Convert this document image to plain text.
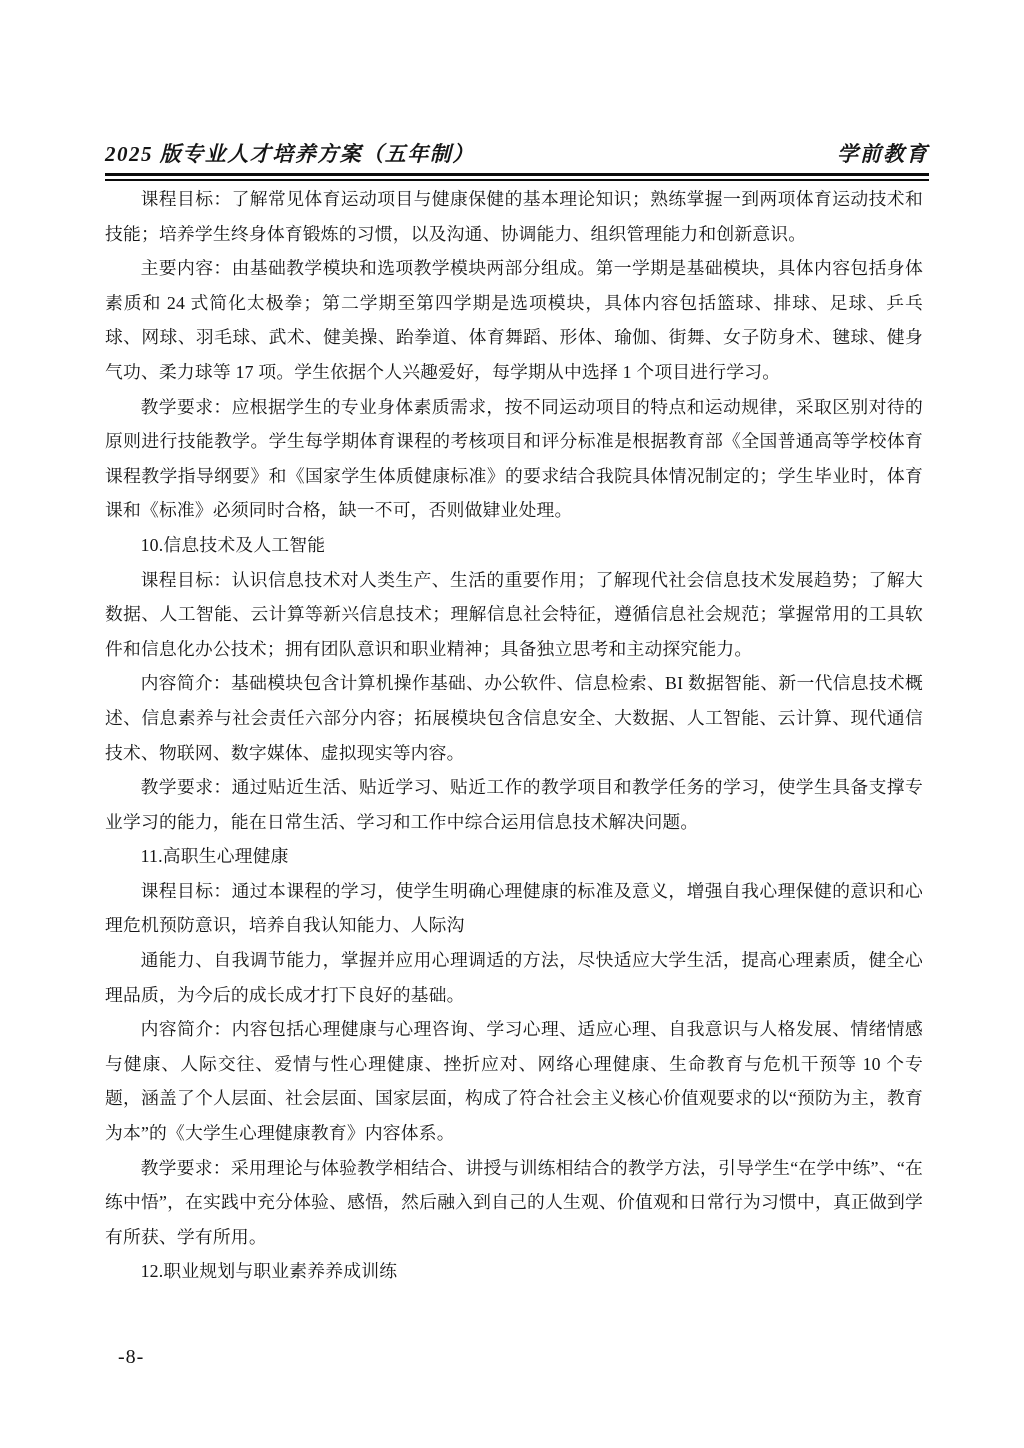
2025 版专业人才培养方案（五年制）	学前教育

课程目标：了解常见体育运动项目与健康保健的基本理论知识；熟练掌握一到两项体育运动技术和技能；培养学生终身体育锻炼的习惯，以及沟通、协调能力、组织管理能力和创新意识。

主要内容：由基础教学模块和选项教学模块两部分组成。第一学期是基础模块，具体内容包括身体素质和 24 式简化太极拳；第二学期至第四学期是选项模块，具体内容包括篮球、排球、足球、乒乓球、网球、羽毛球、武术、健美操、跆拳道、体育舞蹈、形体、瑜伽、街舞、女子防身术、毽球、健身气功、柔力球等 17 项。学生依据个人兴趣爱好，每学期从中选择 1 个项目进行学习。

教学要求：应根据学生的专业身体素质需求，按不同运动项目的特点和运动规律，采取区别对待的原则进行技能教学。学生每学期体育课程的考核项目和评分标准是根据教育部《全国普通高等学校体育课程教学指导纲要》和《国家学生体质健康标准》的要求结合我院具体情况制定的；学生毕业时，体育课和《标准》必须同时合格，缺一不可，否则做肄业处理。

10.信息技术及人工智能

课程目标：认识信息技术对人类生产、生活的重要作用；了解现代社会信息技术发展趋势；了解大数据、人工智能、云计算等新兴信息技术；理解信息社会特征，遵循信息社会规范；掌握常用的工具软件和信息化办公技术；拥有团队意识和职业精神；具备独立思考和主动探究能力。

内容简介：基础模块包含计算机操作基础、办公软件、信息检索、BI 数据智能、新一代信息技术概述、信息素养与社会责任六部分内容；拓展模块包含信息安全、大数据、人工智能、云计算、现代通信技术、物联网、数字媒体、虚拟现实等内容。

教学要求：通过贴近生活、贴近学习、贴近工作的教学项目和教学任务的学习，使学生具备支撑专业学习的能力，能在日常生活、学习和工作中综合运用信息技术解决问题。

11.高职生心理健康

课程目标：通过本课程的学习，使学生明确心理健康的标准及意义，增强自我心理保健的意识和心理危机预防意识，培养自我认知能力、人际沟

通能力、自我调节能力，掌握并应用心理调适的方法，尽快适应大学生活，提高心理素质，健全心理品质，为今后的成长成才打下良好的基础。

内容简介：内容包括心理健康与心理咨询、学习心理、适应心理、自我意识与人格发展、情绪情感与健康、人际交往、爱情与性心理健康、挫折应对、网络心理健康、生命教育与危机干预等 10 个专题，涵盖了个人层面、社会层面、国家层面，构成了符合社会主义核心价值观要求的以“预防为主，教育为本”的《大学生心理健康教育》内容体系。

教学要求：采用理论与体验教学相结合、讲授与训练相结合的教学方法，引导学生“在学中练”、“在练中悟”，在实践中充分体验、感悟，然后融入到自己的人生观、价值观和日常行为习惯中，真正做到学有所获、学有所用。

12.职业规划与职业素养养成训练

-8-
